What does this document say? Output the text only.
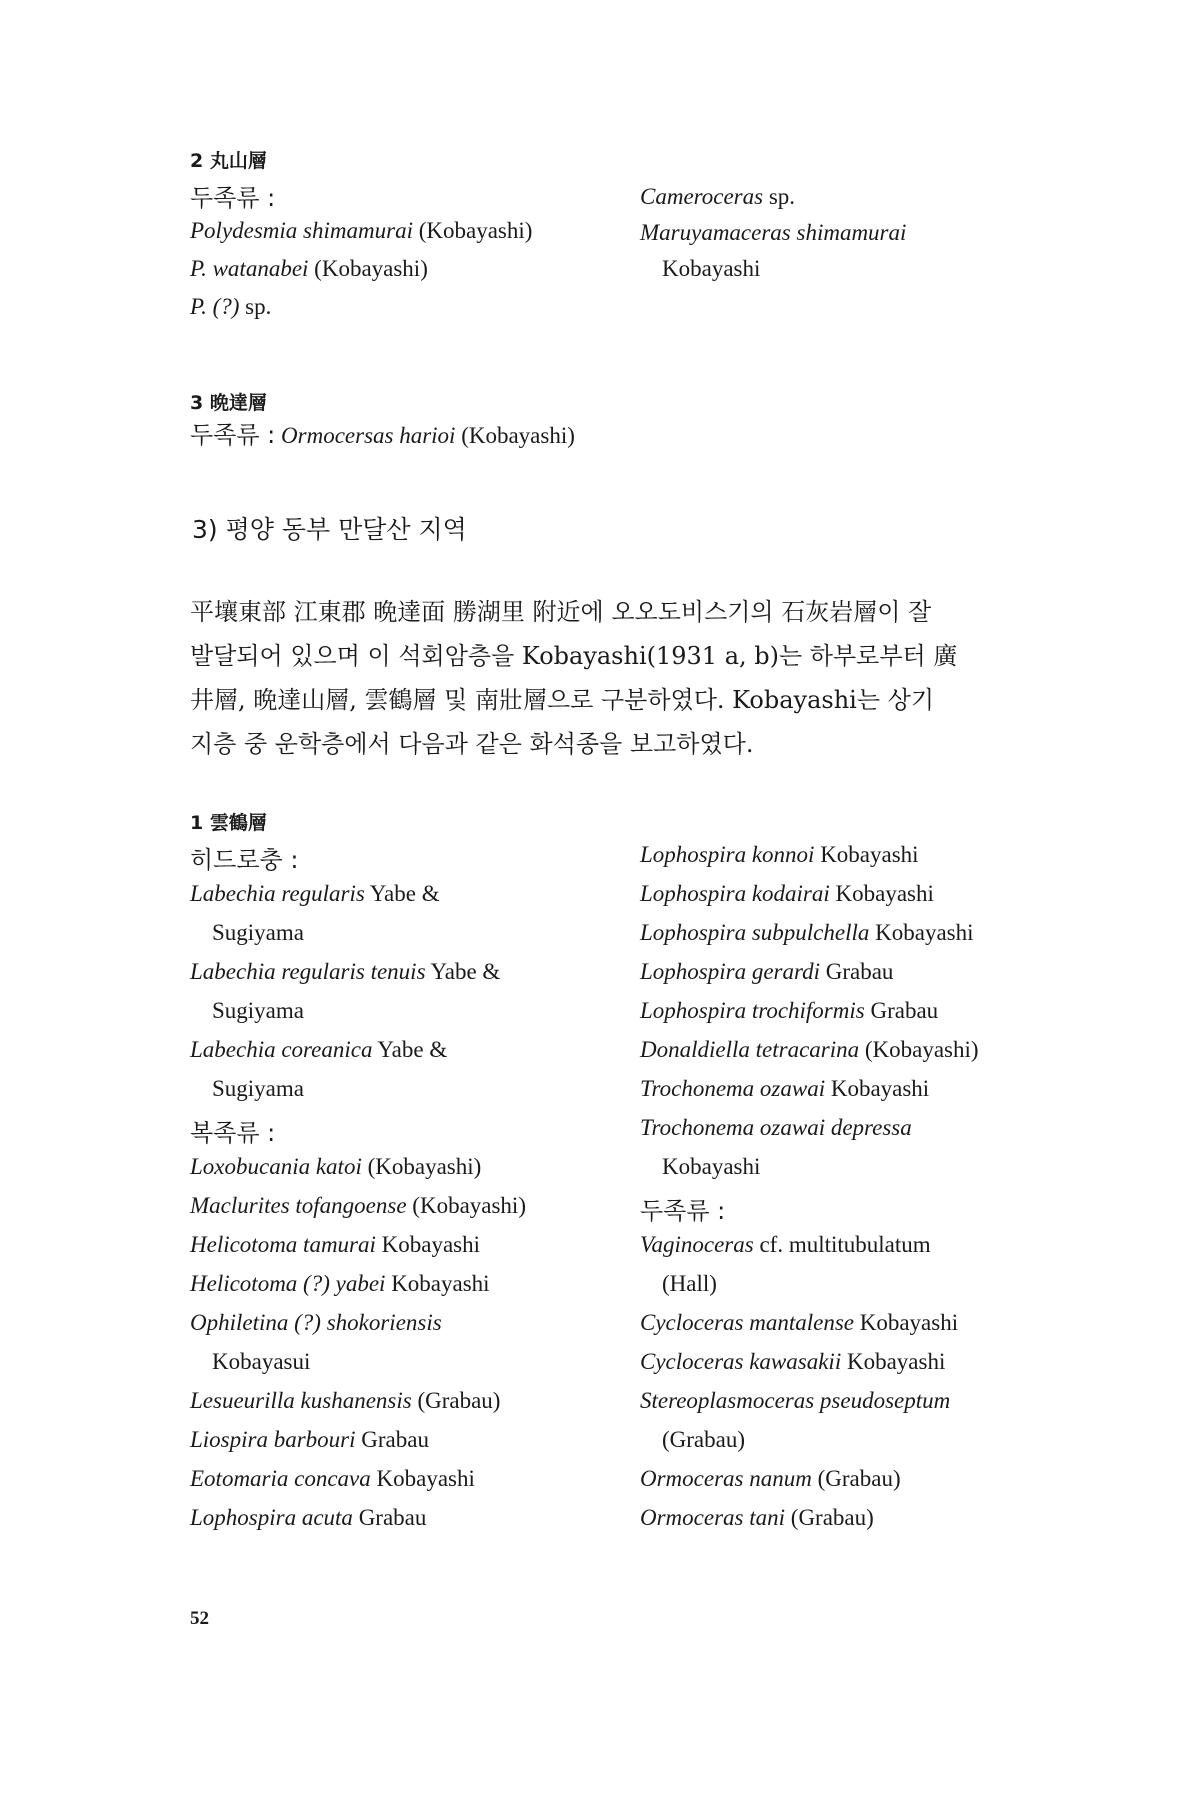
2 丸山層
두족류 :
Polydesmia shimamurai (Kobayashi)
P. watanabei (Kobayashi)
P. (?) sp.
Cameroceras sp.
Maruyamaceras shimamurai
Kobayashi
3 晩達層
두족류 : Ormocersas harioi (Kobayashi)
3) 평양 동부 만달산 지역
平壤東部 江東郡 晩達面 勝湖里 附近에 오오도비스기의 石灰岩層이 잘
발달되어 있으며 이 석회암층을 Kobayashi(1931 a, b)는 하부로부터 廣
井層, 晩達山層, 雲鶴層 및 南壯層으로 구분하였다. Kobayashi는 상기
지층 중 운학층에서 다음과 같은 화석종을 보고하였다.
1 雲鶴層
히드로충 :
Labechia regularis Yabe &
Sugiyama
Labechia regularis tenuis Yabe &
Sugiyama
Labechia coreanica Yabe &
Sugiyama
복족류 :
Loxobucania katoi (Kobayashi)
Maclurites tofangoense (Kobayashi)
Helicotoma tamurai Kobayashi
Helicotoma (?) yabei Kobayashi
Ophiletina (?) shokoriensis
Kobayasui
Lesueurilla kushanensis (Grabau)
Liospira barbouri Grabau
Eotomaria concava Kobayashi
Lophospira acuta Grabau
Lophospira konnoi Kobayashi
Lophospira kodairai Kobayashi
Lophospira subpulchella Kobayashi
Lophospira gerardi Grabau
Lophospira trochiformis Grabau
Donaldiella tetracarina (Kobayashi)
Trochonema ozawai Kobayashi
Trochonema ozawai depressa
Kobayashi
두족류 :
Vaginoceras cf. multitubulatum
(Hall)
Cycloceras mantalense Kobayashi
Cycloceras kawasakii Kobayashi
Stereoplasmoceras pseudoseptum
(Grabau)
Ormoceras nanum (Grabau)
Ormoceras tani (Grabau)
52
